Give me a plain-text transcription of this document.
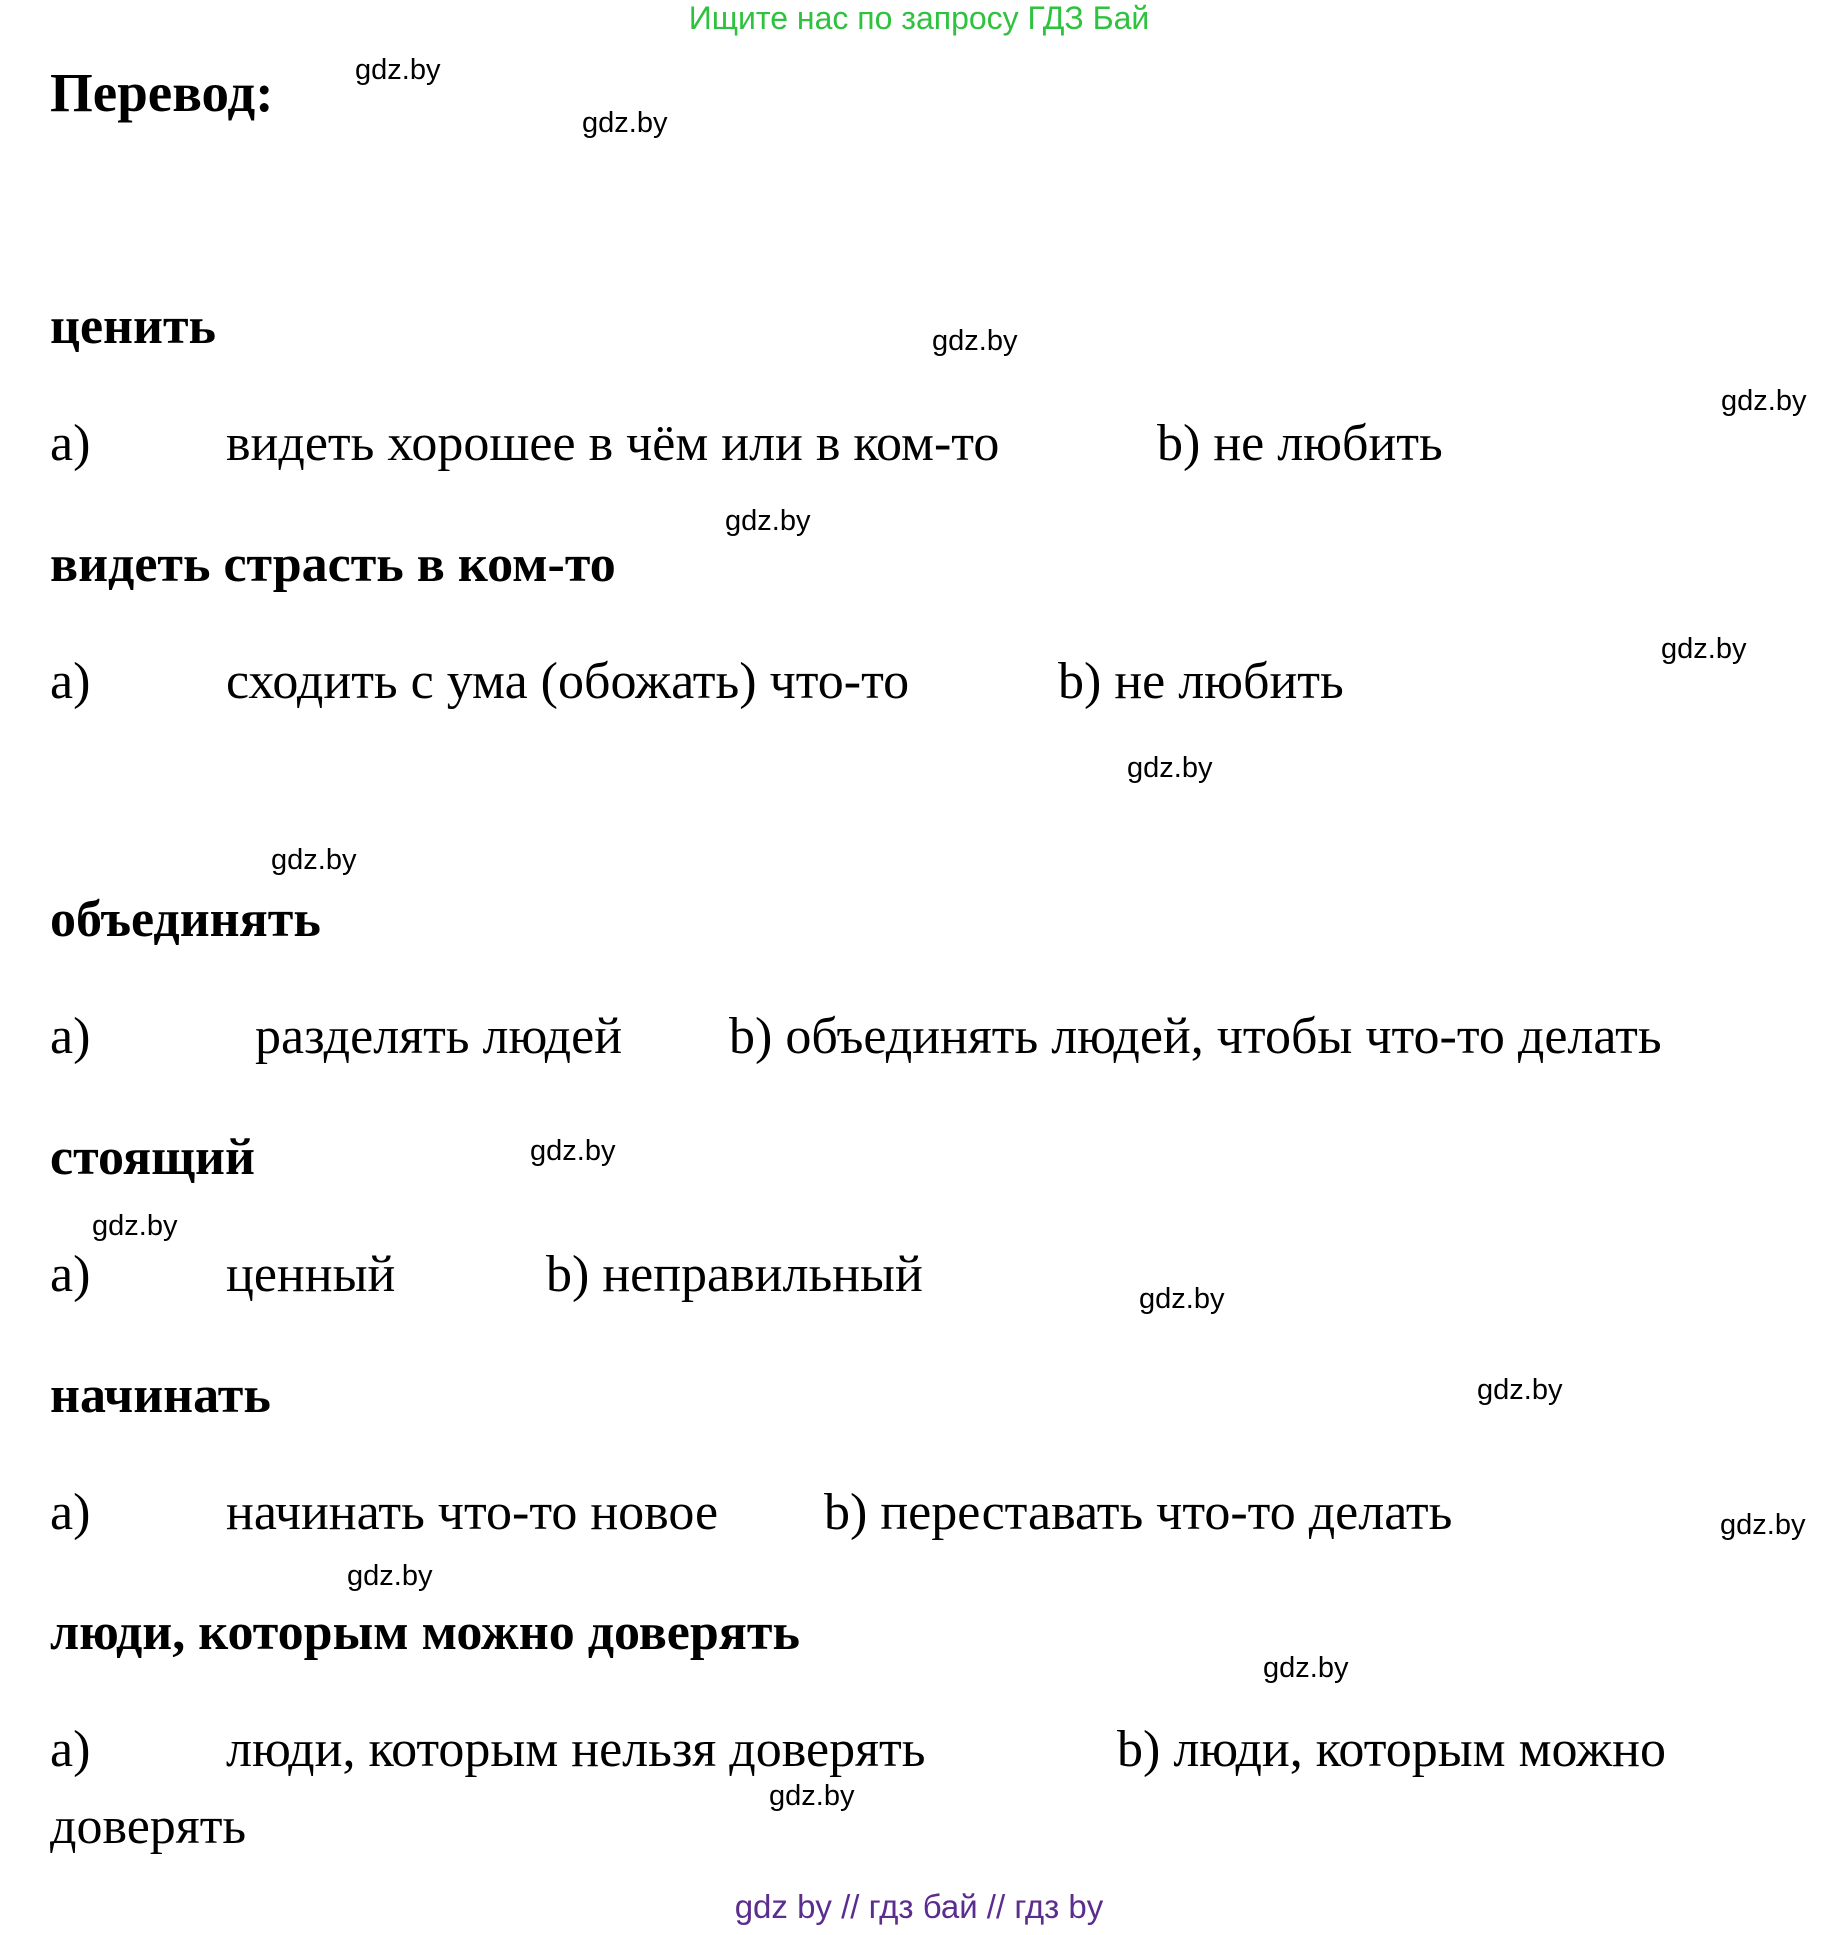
Ищите нас по запросу ГДЗ Бай
Перевод:
ценить
a)	видеть хорошее в чём или в ком-то	b) не любить
видеть страсть в ком-то
a)	сходить с ума (обожать) что-то	b) не любить
объединять
a)	разделять людей b) объединять людей, чтобы что-то делать
стоящий
a)	ценный	b) неправильный
начинать
a)	начинать что-то новое b) переставать что-то делать
люди, которым можно доверять
a)	люди, которым нельзя доверять	b) люди, которым можно
доверять
gdz.by
gdz.by
gdz.by
gdz.by
gdz.by
gdz.by
gdz.by
gdz.by
gdz.by
gdz.by
gdz.by
gdz.by
gdz.by
gdz.by
gdz.by
gdz.by
gdz by // гдз бай // гдз by
